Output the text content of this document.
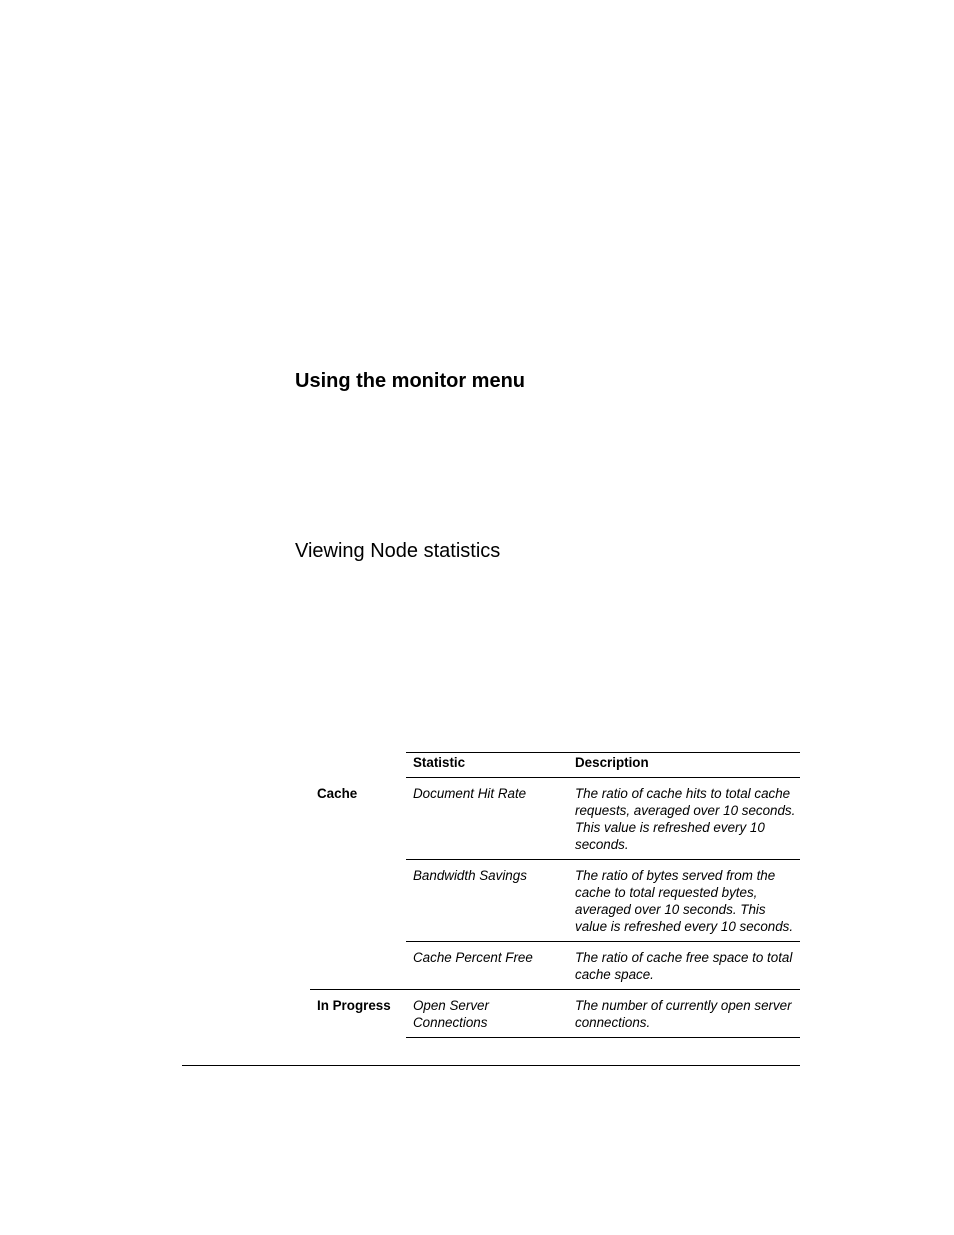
Using the monitor menu
Viewing Node statistics
	Statistic	Description
Cache	Document Hit Rate	The ratio of cache hits to total cache requests, averaged over 10 seconds. This value is refreshed every 10 seconds.
	Bandwidth Savings	The ratio of bytes served from the cache to total requested bytes, averaged over 10 seconds. This value is refreshed every 10 seconds.
	Cache Percent Free	The ratio of cache free space to total cache space.
In Progress	Open Server Connections	The number of currently open server connections.
